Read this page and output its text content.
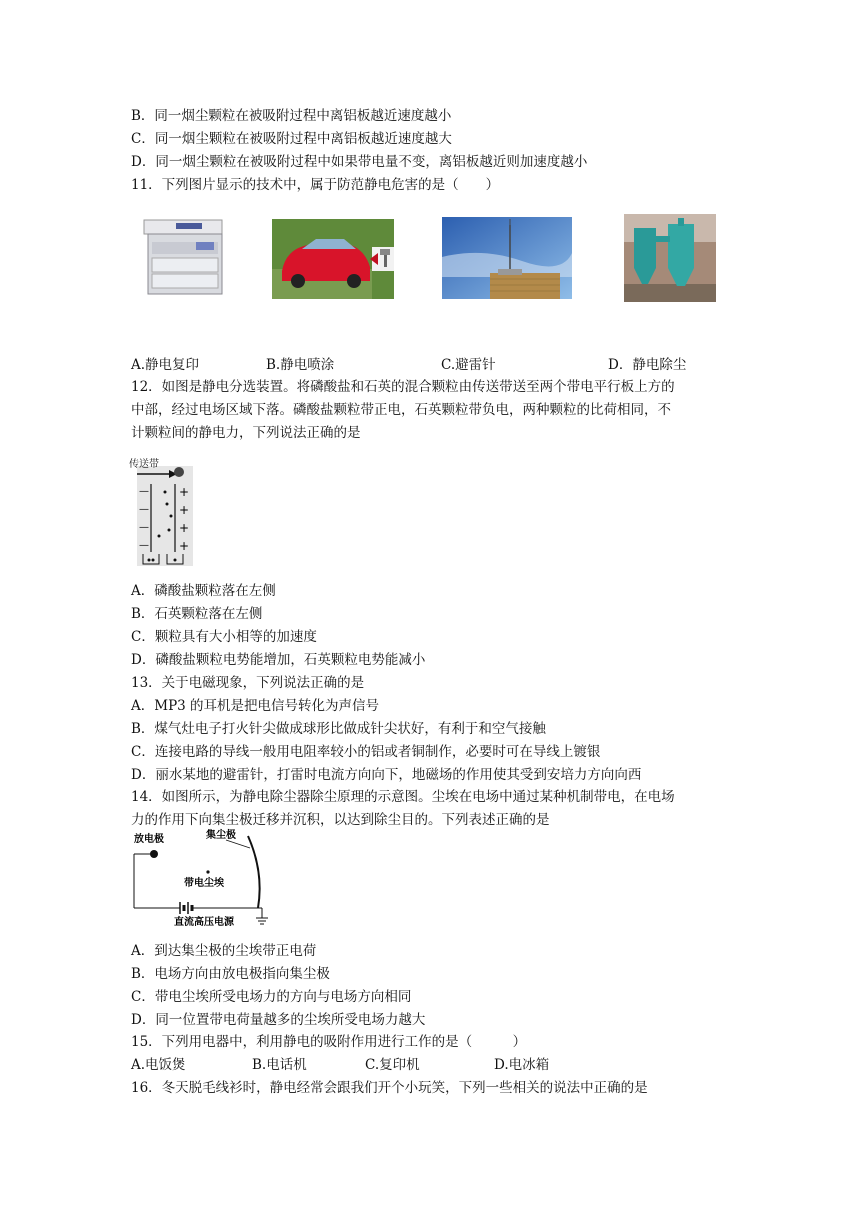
B．同一烟尘颗粒在被吸附过程中离铝板越近速度越小
C．同一烟尘颗粒在被吸附过程中离铝板越近速度越大
D．同一烟尘颗粒在被吸附过程中如果带电量不变，离铝板越近则加速度越小
11．下列图片显示的技术中，属于防范静电危害的是（　　）
A.静电复印	B.静电喷涂	C.避雷针	D．静电除尘
12．如图是静电分选装置。将磷酸盐和石英的混合颗粒由传送带送至两个带电平行板上方的
中部，经过电场区域下落。磷酸盐颗粒带正电，石英颗粒带负电，两种颗粒的比荷相同，不
计颗粒间的静电力，下列说法正确的是
传送带
—
—
—
—
+
+
+
+
A．磷酸盐颗粒落在左侧
B．石英颗粒落在左侧
C．颗粒具有大小相等的加速度
D．磷酸盐颗粒电势能增加，石英颗粒电势能减小
13．关于电磁现象，下列说法正确的是
A．MP3 的耳机是把电信号转化为声信号
B．煤气灶电子打火针尖做成球形比做成针尖状好，有利于和空气接触
C．连接电路的导线一般用电阻率较小的铝或者铜制作，必要时可在导线上镀银
D．丽水某地的避雷针，打雷时电流方向向下，地磁场的作用使其受到安培力方向向西
14．如图所示，为静电除尘器除尘原理的示意图。尘埃在电场中通过某种机制带电，在电场
力的作用下向集尘极迁移并沉积，以达到除尘目的。下列表述正确的是
放电极	集尘极
带电尘埃
直流高压电源
A．到达集尘极的尘埃带正电荷
B．电场方向由放电极指向集尘极
C．带电尘埃所受电场力的方向与电场方向相同
D．同一位置带电荷量越多的尘埃所受电场力越大
15．下列用电器中，利用静电的吸附作用进行工作的是（　　　）
A.电饭煲	B.电话机	C.复印机	D.电冰箱
16．冬天脱毛线衫时，静电经常会跟我们开个小玩笑，下列一些相关的说法中正确的是
